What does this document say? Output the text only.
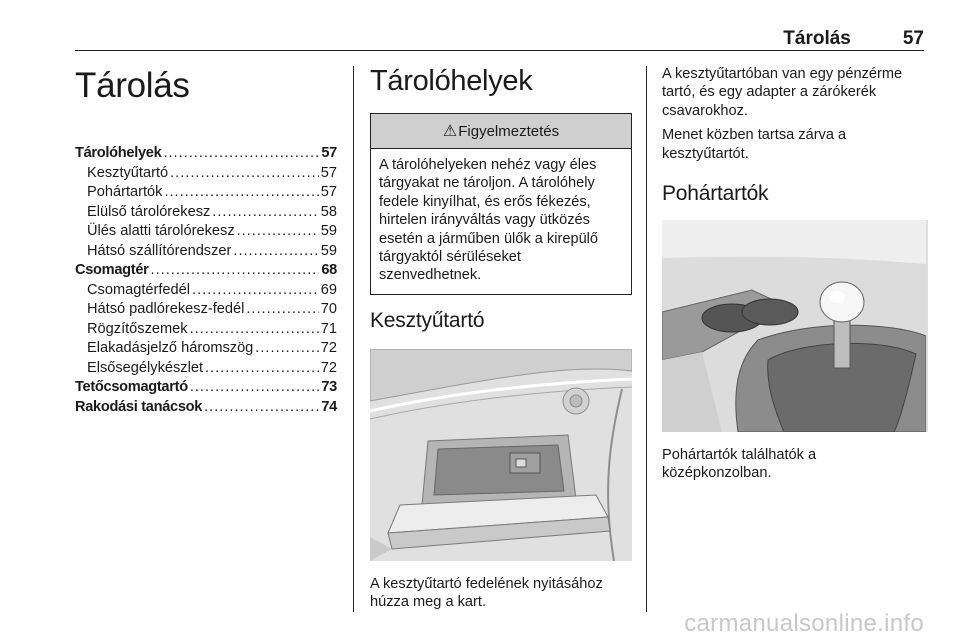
Tárolás	57
Tárolás
Tárolóhelyek .....	57
Kesztyűtartó .....	57
Pohártartók .....	57
Elülső tárolórekesz .....	58
Ülés alatti tárolórekesz .....	59
Hátsó szállítórendszer .....	59
Csomagtér .....	68
Csomagtérfedél .....	69
Hátsó padlórekesz-fedél .....	70
Rögzítőszemek .....	71
Elakadásjelző háromszög .....	72
Elsősegélykészlet .....	72
Tetőcsomagtartó .....	73
Rakodási tanácsok .....	74
Tárolóhelyek
⚠ Figyelmeztetés
A tárolóhelyeken nehéz vagy éles tárgyakat ne tároljon. A tárolóhely fedele kinyílhat, és erős fékezés, hirtelen irányváltás vagy ütközés esetén a járműben ülők a kirepülő tárgyaktól sérüléseket szenvedhetnek.
Kesztyűtartó
A kesztyűtartó fedelének nyitásához húzza meg a kart.

A kesztyűtartóban van egy pénzérme tartó, és egy adapter a zárókerék csavarokhoz.

Menet közben tartsa zárva a kesztyűtartót.

Pohártartók
Pohártartók találhatók a középkonzolban.
carmanualsonline.info
